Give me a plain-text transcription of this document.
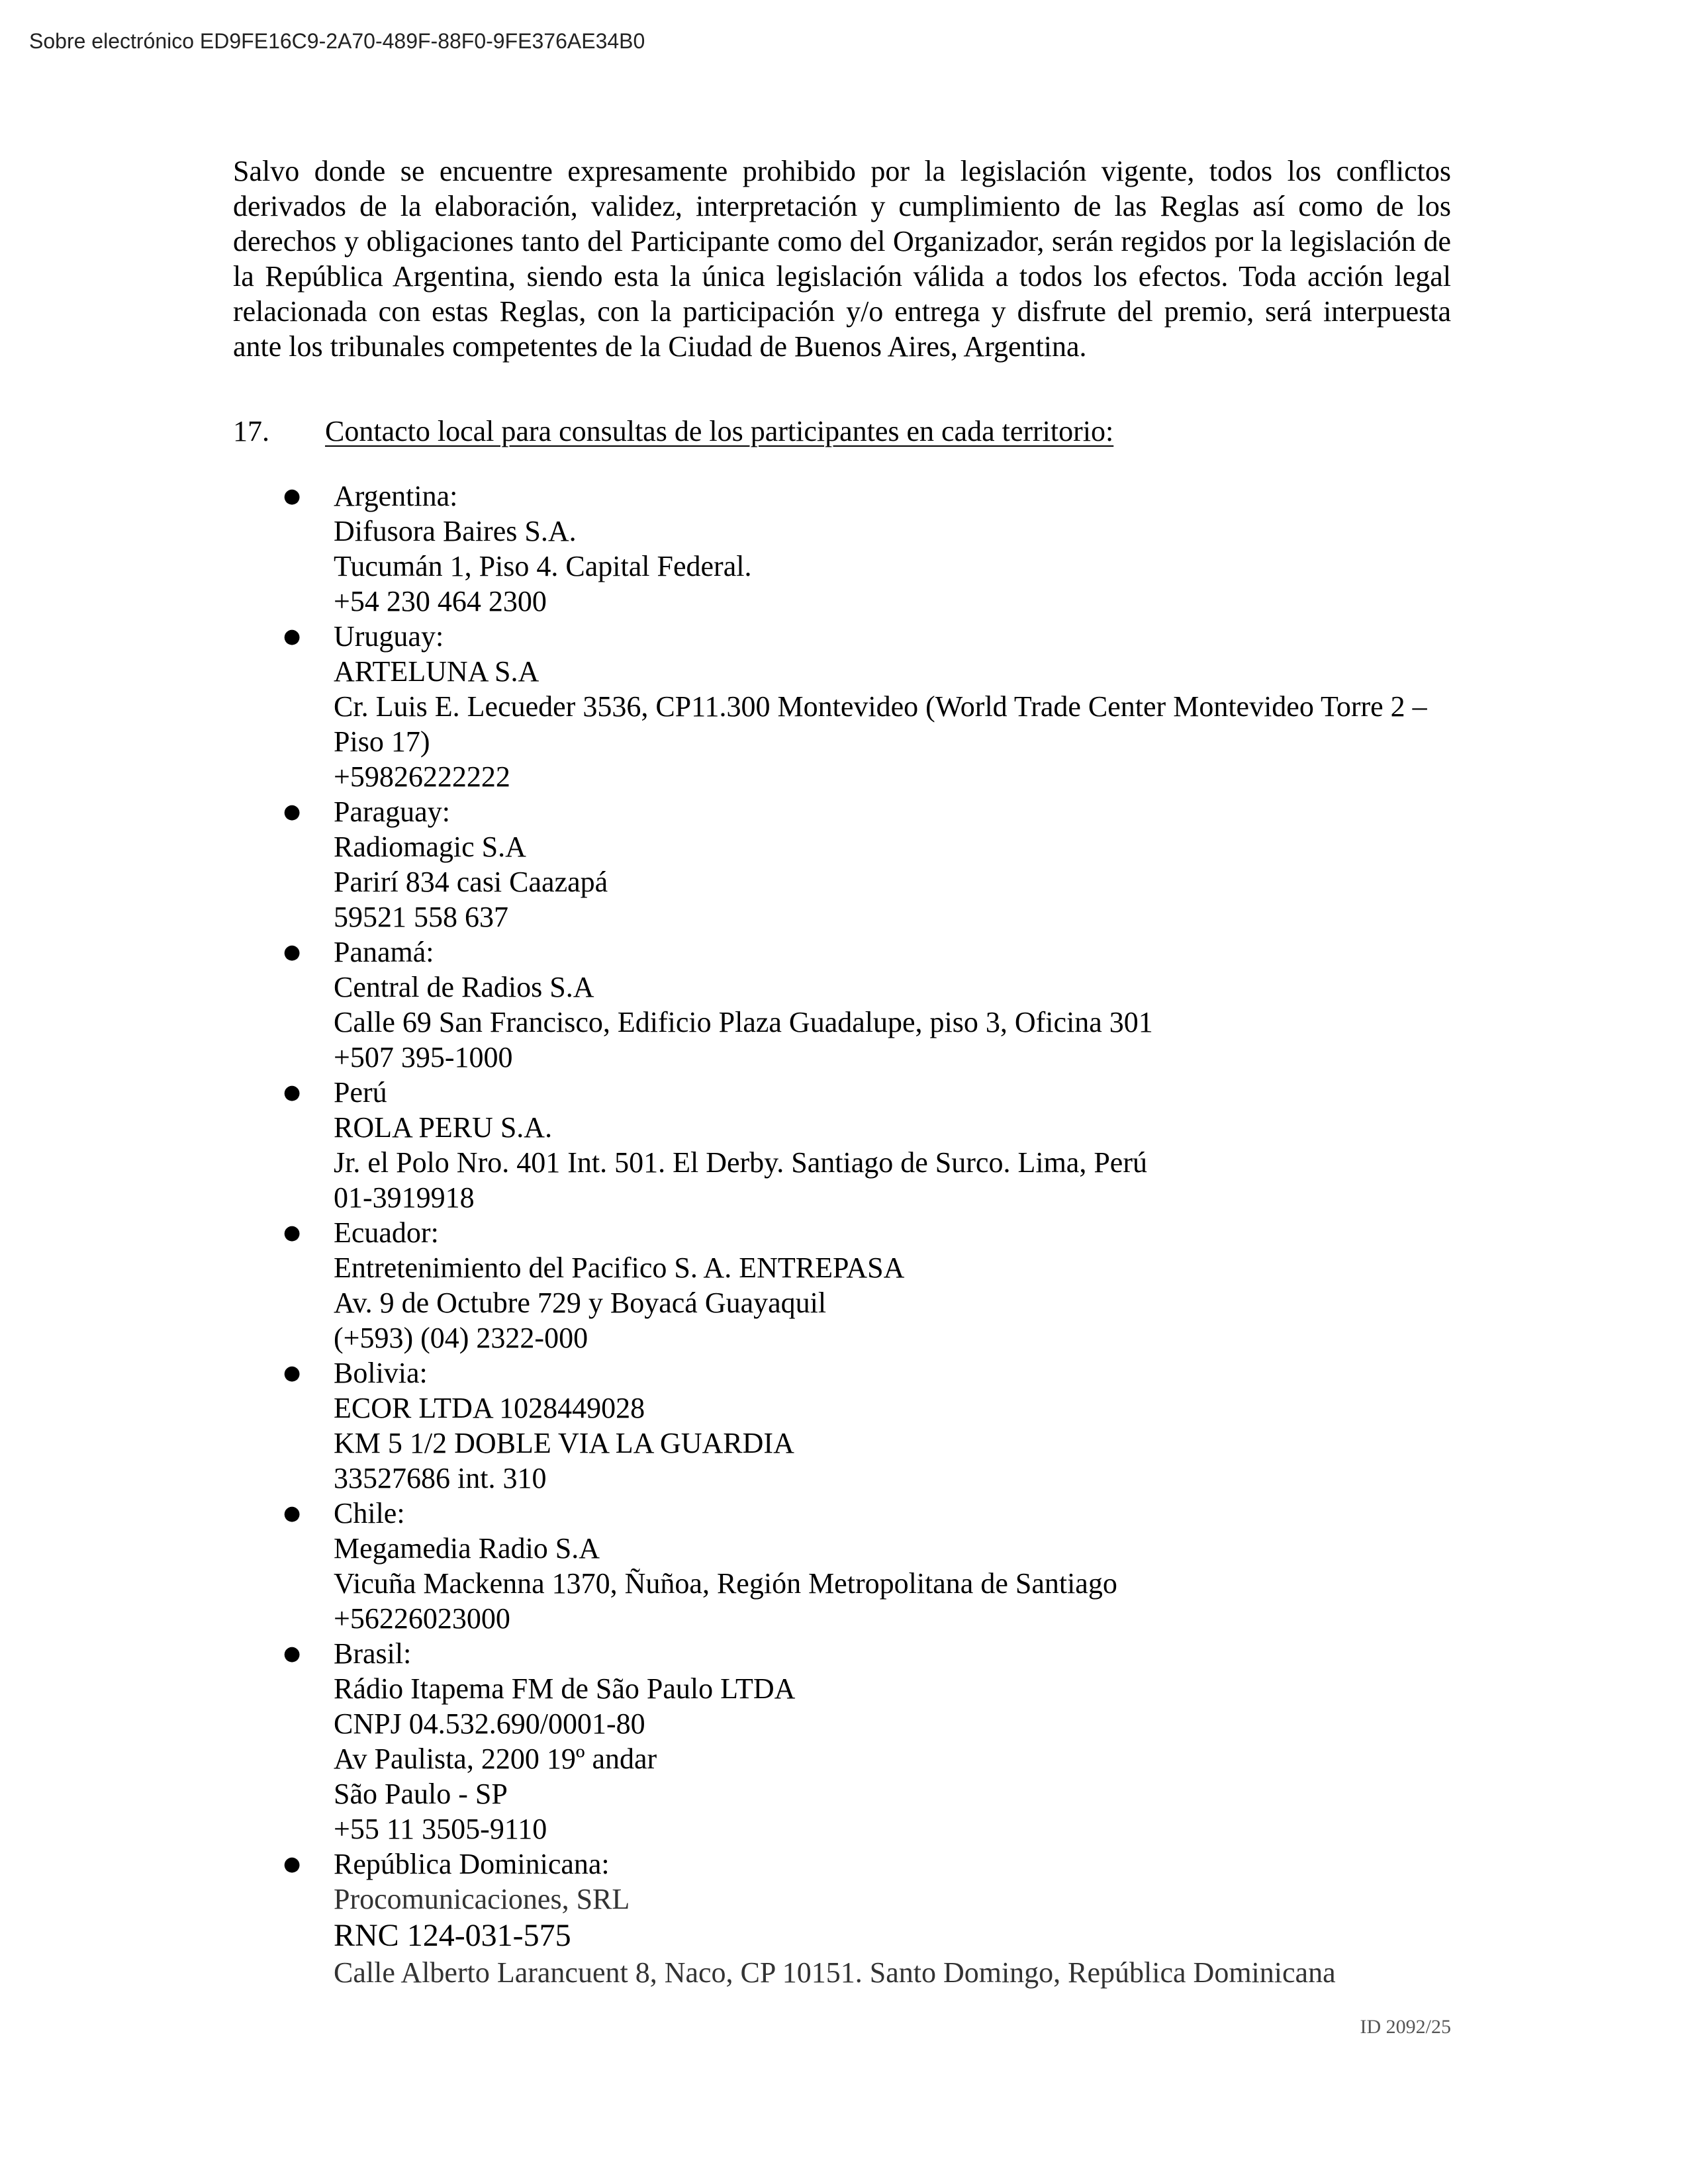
Sobre electrónico ED9FE16C9-2A70-489F-88F0-9FE376AE34B0

Salvo donde se encuentre expresamente prohibido por la legislación vigente, todos los conflictos derivados de la elaboración, validez, interpretación y cumplimiento de las Reglas así como de los derechos y obligaciones tanto del Participante como del Organizador, serán regidos por la legislación de la República Argentina, siendo esta la única legislación válida a todos los efectos. Toda acción legal relacionada con estas Reglas, con la participación y/o entrega y disfrute del premio, será interpuesta ante los tribunales competentes de la Ciudad de Buenos Aires, Argentina.

17. Contacto local para consultas de los participantes en cada territorio:
● Argentina:
Difusora Baires S.A.
Tucumán 1, Piso 4. Capital Federal.
+54 230 464 2300
● Uruguay:
ARTELUNA S.A
Cr. Luis E. Lecueder 3536, CP11.300 Montevideo (World Trade Center Montevideo Torre 2 – Piso 17)
+59826222222
● Paraguay:
Radiomagic S.A
Parirí 834 casi Caazapá
59521 558 637
● Panamá:
Central de Radios S.A
Calle 69 San Francisco, Edificio Plaza Guadalupe, piso 3, Oficina 301
+507 395-1000
● Perú
ROLA PERU S.A.
Jr. el Polo Nro. 401 Int. 501. El Derby. Santiago de Surco. Lima, Perú
01-3919918
● Ecuador:
Entretenimiento del Pacifico S. A. ENTREPASA
Av. 9 de Octubre 729 y Boyacá Guayaquil
(+593) (04) 2322-000
● Bolivia:
ECOR LTDA 1028449028
KM 5 1/2 DOBLE VIA LA GUARDIA
33527686 int. 310
● Chile:
Megamedia Radio S.A
Vicuña Mackenna 1370, Ñuñoa, Región Metropolitana de Santiago
+56226023000
● Brasil:
Rádio Itapema FM de São Paulo LTDA
CNPJ 04.532.690/0001-80
Av Paulista, 2200 19º andar
São Paulo - SP
+55 11 3505-9110
● República Dominicana:
Procomunicaciones, SRL
RNC 124-031-575
Calle Alberto Larancuent 8, Naco, CP 10151. Santo Domingo, República Dominicana
ID 2092/25
